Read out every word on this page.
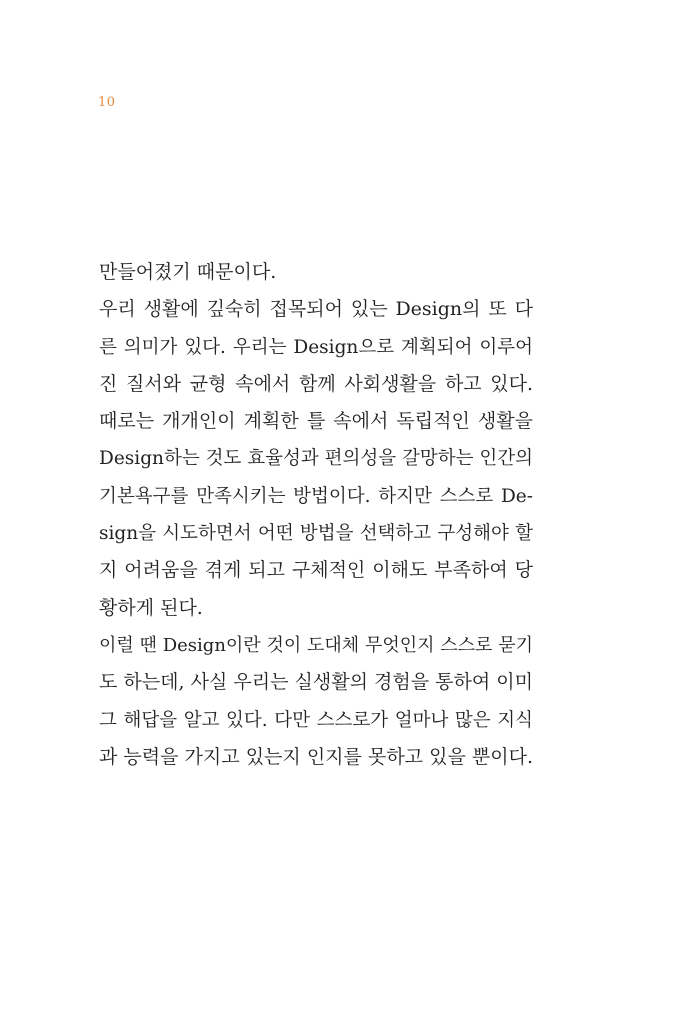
10
만들어졌기 때문이다.
우리 생활에 깊숙히 접목되어 있는 Design의 또 다
른 의미가 있다. 우리는 Design으로 계획되어 이루어
진 질서와 균형 속에서 함께 사회생활을 하고 있다.
때로는 개개인이 계획한 틀 속에서 독립적인 생활을
Design하는 것도 효율성과 편의성을 갈망하는 인간의
기본욕구를 만족시키는 방법이다. 하지만 스스로 De-
sign을 시도하면서 어떤 방법을 선택하고 구성해야 할
지 어려움을 겪게 되고 구체적인 이해도 부족하여 당
황하게 된다.
이럴 땐 Design이란 것이 도대체 무엇인지 스스로 묻기
도 하는데, 사실 우리는 실생활의 경험을 통하여 이미
그 해답을 알고 있다. 다만 스스로가 얼마나 많은 지식
과 능력을 가지고 있는지 인지를 못하고 있을 뿐이다.
